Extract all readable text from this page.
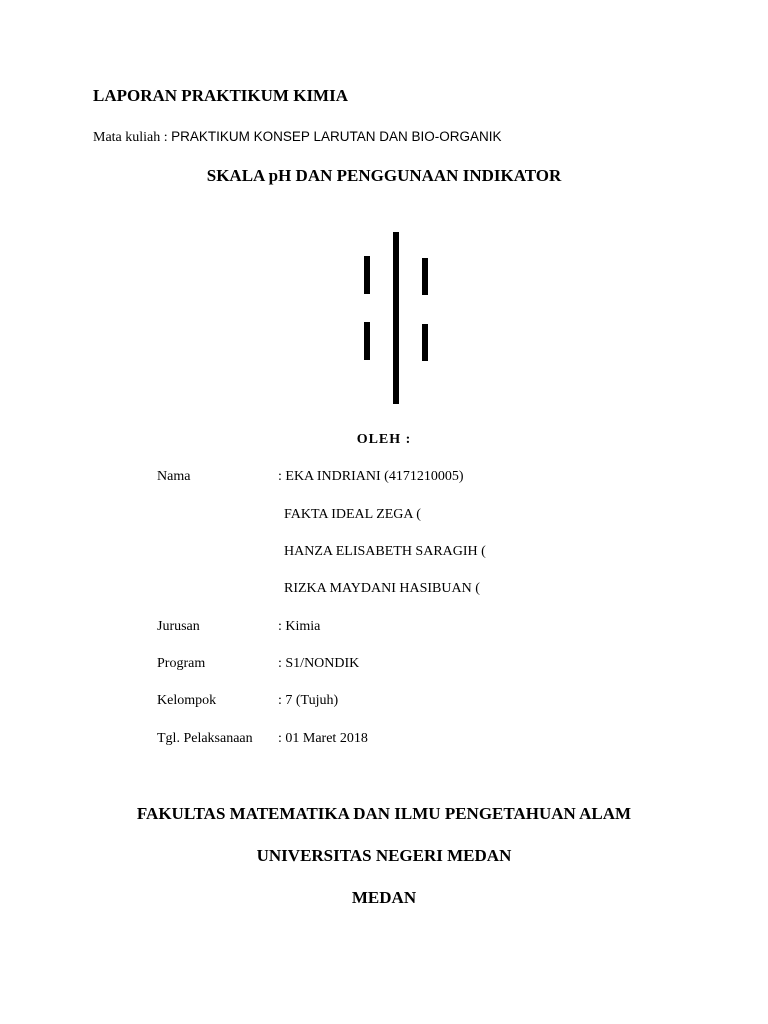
LAPORAN PRAKTIKUM KIMIA
Mata kuliah : PRAKTIKUM KONSEP LARUTAN DAN BIO-ORGANIK
SKALA pH DAN PENGGUNAAN INDIKATOR
OLEH :
Nama	: EKA INDRIANI (4171210005)
FAKTA IDEAL ZEGA (
HANZA ELISABETH SARAGIH (
RIZKA MAYDANI HASIBUAN (
Jurusan	: Kimia
Program	: S1/NONDIK
Kelompok	: 7 (Tujuh)
Tgl. Pelaksanaan : 01 Maret 2018
FAKULTAS MATEMATIKA DAN ILMU PENGETAHUAN ALAM
UNIVERSITAS NEGERI MEDAN
MEDAN
